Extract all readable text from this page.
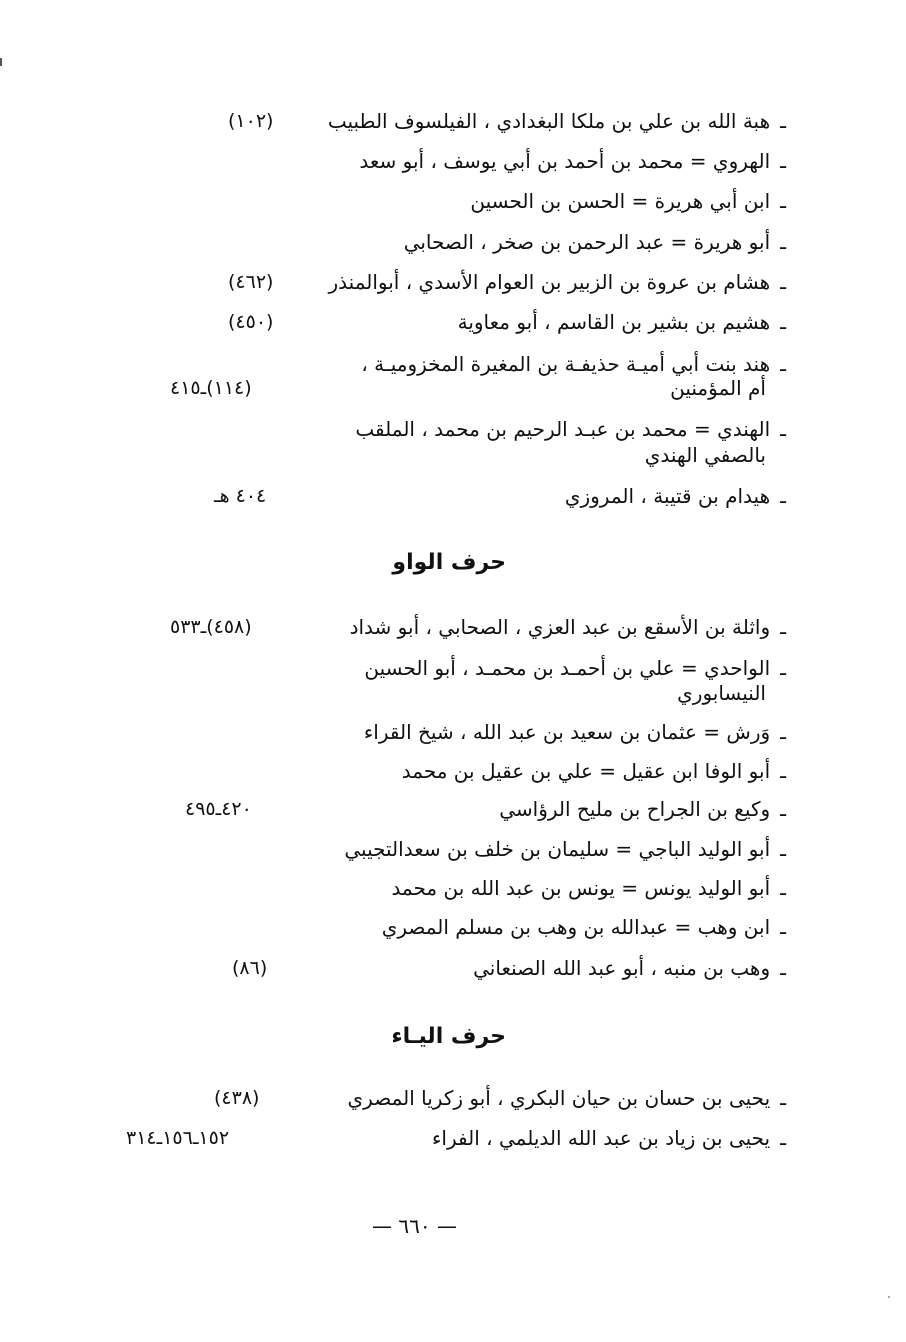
ـهبة الله بن علي بن ملكا البغدادي ، الفيلسوف الطبيب
(١٠٢)
ـالهروي = محمد بن أحمد بن أبي يوسف ، أبو سعد
ـابن أبي هريرة = الحسن بن الحسين
ـأبو هريرة = عبد الرحمن بن صخر ، الصحابي
ـهشام بن عروة بن الزبير بن العوام الأسدي ، أبوالمنذر
(٤٦٢)
ـهشيم بن بشير بن القاسم ، أبو معاوية
(٤٥٠)
ـهند بنت أبي أميـة حذيفـة بن المغيرة المخزوميـة ،
أم المؤمنين
(١١٤)ـ٤١٥
ـالهندي = محمد بن عبـد الرحيم بن محمد ، الملقب
بالصفي الهندي
ـهيدام بن قتيبة ، المروزي
٤٠٤ هـ
حرف الواو
ـواثلة بن الأسقع بن عبد العزي ، الصحابي ، أبو شداد
(٤٥٨)ـ٥٣٣
ـالواحدي = علي بن أحمـد بن محمـد ، أبو الحسين
النيسابوري
ـوَرش = عثمان بن سعيد بن عبد الله ، شيخ القراء
ـأبو الوفا ابن عقيل = علي بن عقيل بن محمد
ـوكيع بن الجراح بن مليح الرؤاسي
٤٢٠ـ٤٩٥
ـأبو الوليد الباجي = سليمان بن خلف بن سعدالتجيبي
ـأبو الوليد يونس = يونس بن عبد الله بن محمد
ـابن وهب = عبدالله بن وهب بن مسلم المصري
ـوهب بن منبه ، أبو عبد الله الصنعاني
(٨٦)
حرف اليـاء
ـيحيى بن حسان بن حيان البكري ، أبو زكريا المصري
(٤٣٨)
ـيحيى بن زياد بن عبد الله الديلمي ، الفراء
١٥٢ـ١٥٦ـ٣١٤
— ٦٦٠ —
